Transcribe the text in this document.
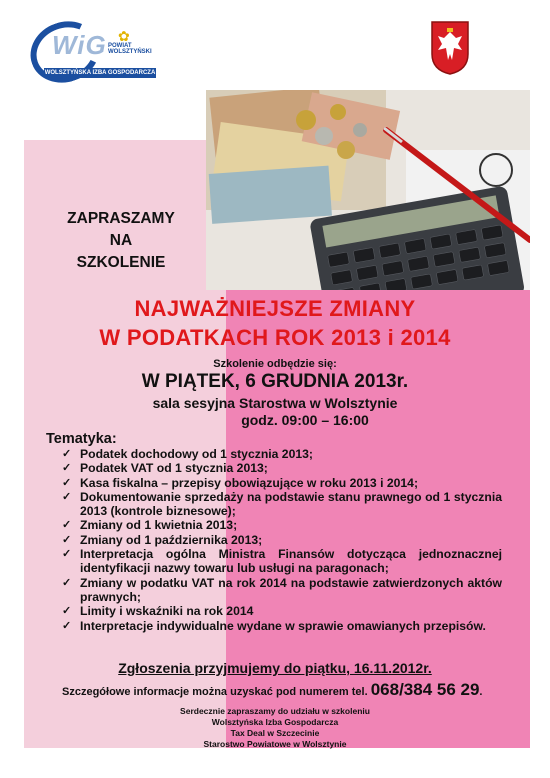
WiG ✿
POWIAT WOLSZTYŃSKI
WOLSZTYŃSKA IZBA GOSPODARCZA
ZAPRASZAMY
NA
SZKOLENIE
NAJWAŻNIEJSZE ZMIANY
W PODATKACH ROK 2013 i 2014
Szkolenie odbędzie się:
W PIĄTEK, 6 GRUDNIA 2013r.
sala sesyjna Starostwa w Wolsztynie
godz. 09:00 – 16:00
Tematyka:
✓ Podatek dochodowy od 1 stycznia 2013;
✓ Podatek VAT od 1 stycznia 2013;
✓ Kasa fiskalna – przepisy obowiązujące w roku 2013 i 2014;
✓ Dokumentowanie sprzedaży na podstawie stanu prawnego od 1 stycznia 2013 (kontrole biznesowe);
✓ Zmiany od 1 kwietnia 2013;
✓ Zmiany od 1 października 2013;
✓ Interpretacja ogólna Ministra Finansów dotycząca jednoznacznej identyfikacji nazwy towaru lub usługi na paragonach;
✓ Zmiany w podatku VAT na rok 2014 na podstawie zatwierdzonych aktów prawnych;
✓ Limity i wskaźniki na rok 2014
✓ Interpretacje indywidualne wydane w sprawie omawianych przepisów.
Zgłoszenia przyjmujemy do piątku, 16.11.2012r.
Szczegółowe informacje można uzyskać pod numerem tel. 068/384 56 29.
Serdecznie zapraszamy do udziału w szkoleniu
Wolsztyńska Izba Gospodarcza
Tax Deal w Szczecinie
Starostwo Powiatowe w Wolsztynie
